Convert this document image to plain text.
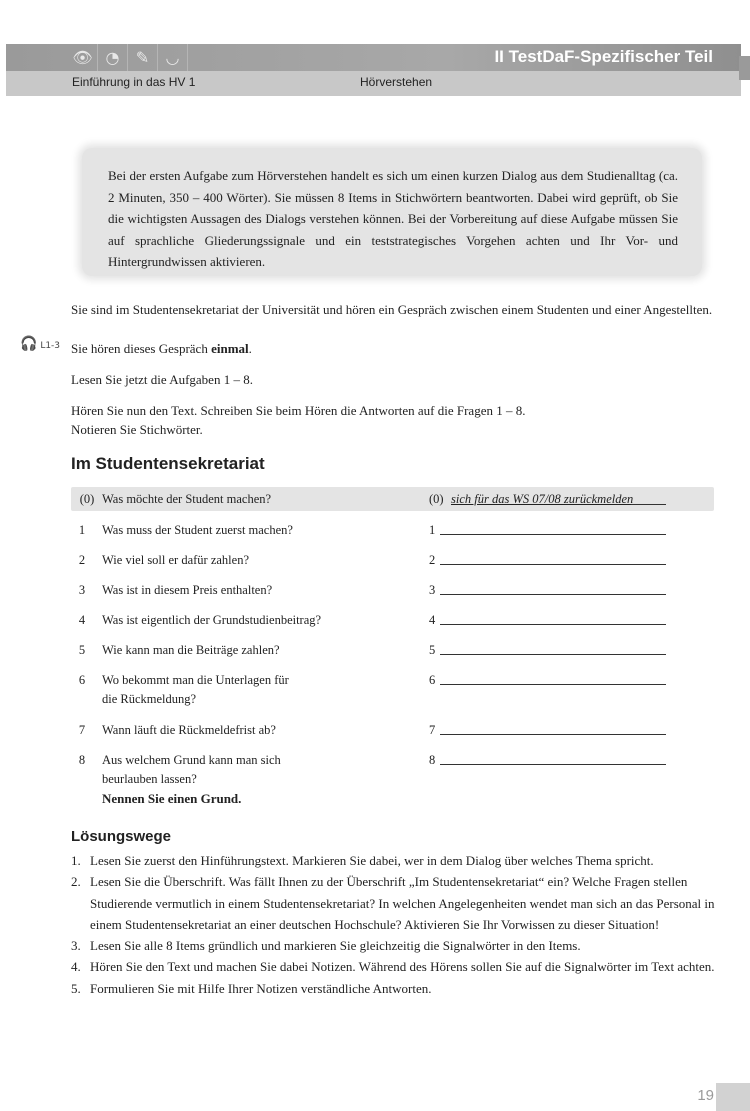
👁 ◔	✎	◡	II TestDaF-Spezifischer Teil
Einführung in das HV 1	Hörverstehen

Bei der ersten Aufgabe zum Hörverstehen handelt es sich um einen kurzen Dialog aus dem Studienalltag (ca. 2 Minuten, 350 – 400 Wörter). Sie müssen 8 Items in Stichwörtern beantworten. Dabei wird geprüft, ob Sie die wichtigsten Aussagen des Dialogs verstehen können. Bei der Vorbereitung auf diese Aufgabe müssen Sie auf sprachliche Gliederungssignale und ein teststrategisches Vorgehen achten und Ihr Vor- und Hintergrundwissen aktivieren.

Sie sind im Studentensekretariat der Universität und hören ein Gespräch zwischen einem Studenten und einer Angestellten.
🎧 L1-3 Sie hören dieses Gespräch einmal.
Lesen Sie jetzt die Aufgaben 1 – 8.
Hören Sie nun den Text. Schreiben Sie beim Hören die Antworten auf die Fragen 1 – 8.
Notieren Sie Stichwörter.
Im Studentensekretariat
(0) Was möchte der Student machen?	(0) sich für das WS 07/08 zurückmelden
1	Was muss der Student zuerst machen?	1
2	Wie viel soll er dafür zahlen?	2
3	Was ist in diesem Preis enthalten?	3
4	Was ist eigentlich der Grundstudienbeitrag?	4
5	Wie kann man die Beiträge zahlen?	5
6	Wo bekommt man die Unterlagen für
die Rückmeldung?
6
7	Wann läuft die Rückmeldefrist ab?	7
8	Aus welchem Grund kann man sich
beurlauben lassen?
Nennen Sie einen Grund.
8
Lösungswege
1. Lesen Sie zuerst den Hinführungstext. Markieren Sie dabei, wer in dem Dialog über welches Thema spricht.
2. Lesen Sie die Überschrift. Was fällt Ihnen zu der Überschrift „Im Studentensekretariat“ ein? Welche Fragen stellen Studierende vermutlich in einem Studentensekretariat? In welchen Angelegenheiten wendet man sich an das Personal in einem Studentensekretariat an einer deutschen Hochschule? Aktivieren Sie Ihr Vorwissen zu dieser Situation!
3. Lesen Sie alle 8 Items gründlich und markieren Sie gleichzeitig die Signalwörter in den Items.
4. Hören Sie den Text und machen Sie dabei Notizen. Während des Hörens sollen Sie auf die Signalwörter im Text achten.
5. Formulieren Sie mit Hilfe Ihrer Notizen verständliche Antworten.
19
